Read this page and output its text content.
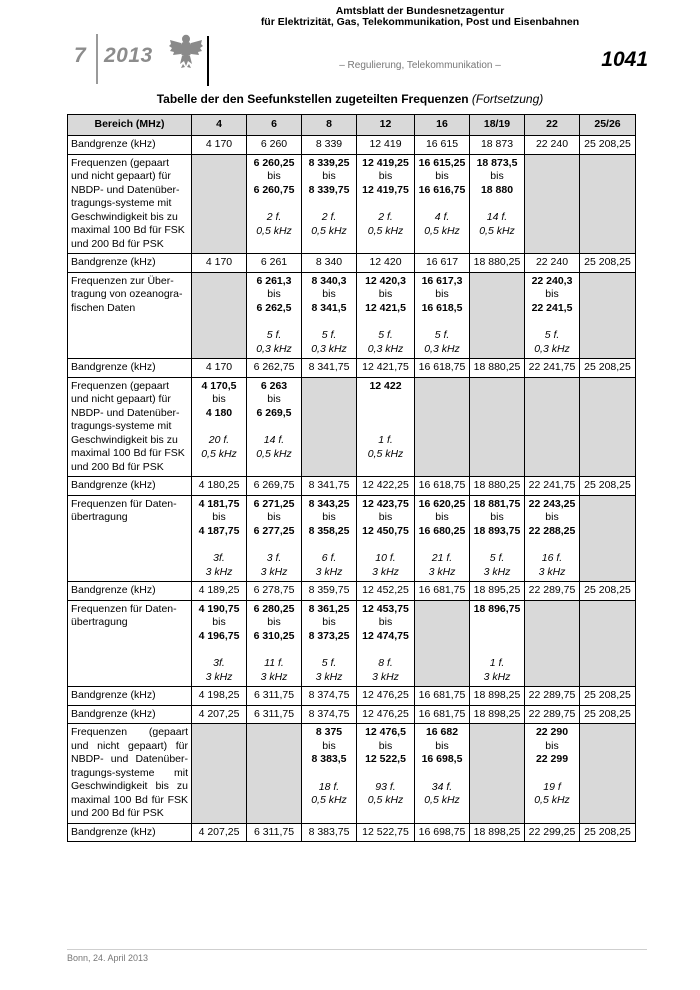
7 2013
Amtsblatt der Bundesnetzagentur
für Elektrizität, Gas, Telekommunikation, Post und Eisenbahnen
– Regulierung, Telekommunikation –	1041
Tabelle der den Seefunkstellen zugeteilten Frequenzen (Fortsetzung)
Bereich (MHz)	4	6	8	12	16	18/19	22	25/26
Bandgrenze (kHz)	4 170	6 260	8 339	12 419	16 615	18 873	22 240	25 208,25
Frequenzen (gepaart und nicht gepaart) für NBDP- und Datenüber-tragungs-systeme mit Geschwindigkeit bis zu maximal 100 Bd für FSK und 200 Bd für PSK		6 260,25
bis
6 260,75
2 f.
0,5 kHz	8 339,25
bis
8 339,75
2 f.
0,5 kHz	12 419,25
bis
12 419,75
2 f.
0,5 kHz	16 615,25
bis
16 616,75
4 f.
0,5 kHz	18 873,5
bis
18 880
14 f.
0,5 kHz		

Bandgrenze (kHz)	4 170	6 261	8 340	12 420	16 617	18 880,25	22 240	25 208,25
Frequenzen zur Über-tragung von ozeanogra-fischen Daten		6 261,3
bis
6 262,5
5 f.
0,3 kHz	8 340,3
bis
8 341,5
5 f.
0,3 kHz	12 420,3
bis
12 421,5
5 f.
0,3 kHz	16 617,3
bis
16 618,5
5 f.
0,3 kHz		22 240,3
bis
22 241,5
5 f.
0,3 kHz	

Bandgrenze (kHz)	4 170	6 262,75	8 341,75	12 421,75	16 618,75	18 880,25	22 241,75	25 208,25
Frequenzen (gepaart und nicht gepaart) für NBDP- und Datenüber-tragungs-systeme mit Geschwindigkeit bis zu maximal 100 Bd für FSK und 200 Bd für PSK	4 170,5
bis
4 180
20 f.
0,5 kHz	6 263
bis
6 269,5
14 f.
0,5 kHz		12 422

1 f.
0,5 kHz				

Bandgrenze (kHz)	4 180,25	6 269,75	8 341,75	12 422,25	16 618,75	18 880,25	22 241,75	25 208,25
Frequenzen für Daten-übertragung	4 181,75
bis
4 187,75
3f.
3 kHz	6 271,25
bis
6 277,25
3 f.
3 kHz	8 343,25
bis
8 358,25
6 f.
3 kHz	12 423,75
bis
12 450,75
10 f.
3 kHz	16 620,25
bis
16 680,25
21 f.
3 kHz	18 881,75
bis
18 893,75
5 f.
3 kHz	22 243,25
bis
22 288,25
16 f.
3 kHz	

Bandgrenze (kHz)	4 189,25	6 278,75	8 359,75	12 452,25	16 681,75	18 895,25	22 289,75	25 208,25
Frequenzen für Daten-übertragung	4 190,75
bis
4 196,75
3f.
3 kHz	6 280,25
bis
6 310,25
11 f.
3 kHz	8 361,25
bis
8 373,25
5 f.
3 kHz	12 453,75
bis
12 474,75
8 f.
3 kHz		18 896,75

1 f.
3 kHz		

Bandgrenze (kHz)	4 198,25	6 311,75	8 374,75	12 476,25	16 681,75	18 898,25	22 289,75	25 208,25
Bandgrenze (kHz)	4 207,25	6 311,75	8 374,75	12 476,25	16 681,75	18 898,25	22 289,75	25 208,25
Frequenzen (gepaart und nicht gepaart) für NBDP- und Datenüber-tragungs-systeme mit Geschwindigkeit bis zu maximal 100 Bd für FSK und 200 Bd für PSK			8 375
bis
8 383,5
18 f.
0,5 kHz	12 476,5
bis
12 522,5
93 f.
0,5 kHz	16 682
bis
16 698,5
34 f.
0,5 kHz		22 290
bis
22 299
19 f
0,5 kHz	

Bandgrenze (kHz)	4 207,25	6 311,75	8 383,75	12 522,75	16 698,75	18 898,25	22 299,25	25 208,25
Bonn, 24. April 2013
